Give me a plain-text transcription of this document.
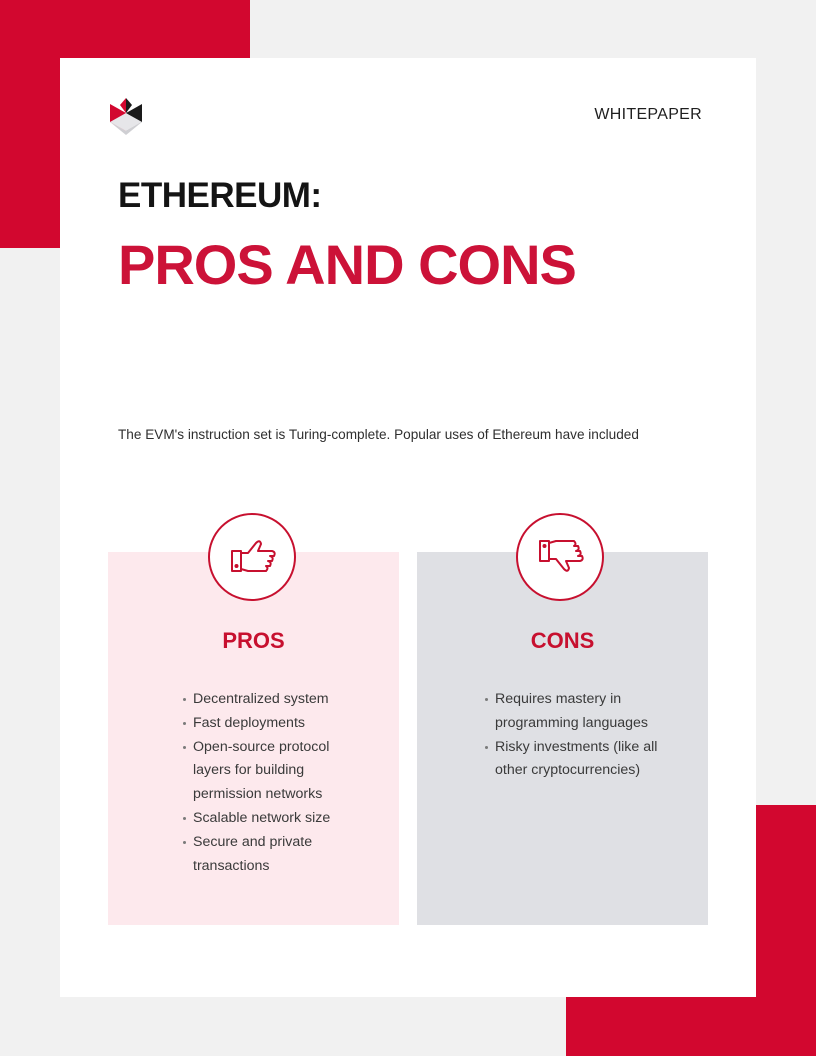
WHITEPAPER
ETHEREUM:
PROS AND CONS
The EVM's instruction set is Turing-complete. Popular uses of Ethereum have included
PROS
Decentralized system
Fast deployments
Open-source protocol layers for building permission networks
Scalable network size
Secure and private transactions
CONS
Requires mastery in programming languages
Risky investments (like all other cryptocurrencies)
